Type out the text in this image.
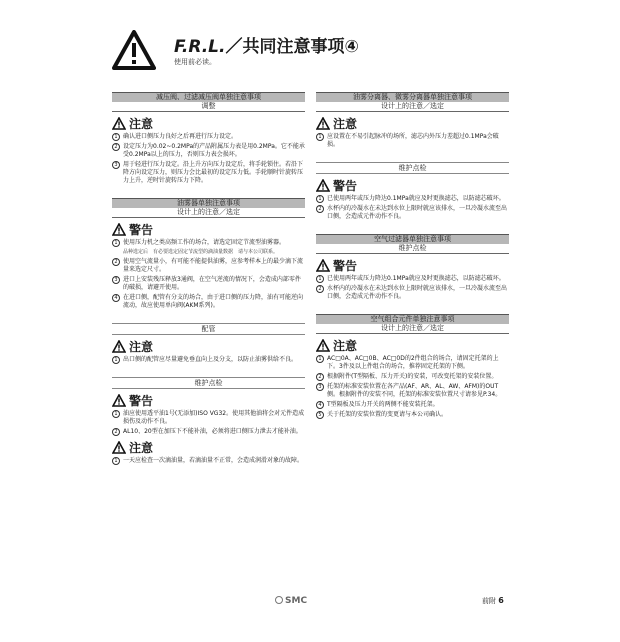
F.R.L.／共同注意事项④
使用前必读。
减压阀、过滤减压阀单独注意事项
调整
注意
1 确认进口侧压力良好之后再进行压力设定。
2 设定压力为0.02~0.2MPa的产品附属压力表是用0.2MPa。它不能承受0.2MPa以上的压力，否则压力表会损坏。
3 用于轻进行压力设定。沿上升方向压力设定后，将手轮锁住。若沿下降方向设定压力，则压力会比最初的设定压力低。手轮顺时针旋转压力上升，逆时针旋转压力下降。
油雾器单独注意事项
设计上的注意／选定
警告
1 使用压力机之类高频工作的场合，请选定固定节流型油雾器。
品种选定后　有必要选定固定节流型的滴油量数据　请与本公司联系。
2 使用空气流量小，有可能不能提供油雾，应参考样本上的最少滴下流量来选定尺寸。
3 进口上安装残压释放3通阀，在空气逆流的情况下，会造成内部零件的破损，请避开使用。
4 在进口侧，配管有分支的场合，由于进口侧的压力降，油有可能逆向流动，故应使用单向阀(AKM系列)。
配管
注意
1 出口侧的配管应尽量避免垂直向上及分支，以防止油雾供给不良。
维护点检
警告
1 油应使用透平油1号(无添加)ISO VG32。使用其他油将会对元件造成损伤及动作不良。
2 AL10、20型在加压下不能补油，必须将进口侧压力泄去才能补油。
注意
1 一天应检查一次滴油量，若滴油量不正常，会造成润滑对象的故障。
油雾分离器、微雾分离器单独注意事项
设计上的注意／选定
注意
1 应设置在不易引起脉冲的场所，滤芯内外压力差超过0.1MPa会破损。
维护点检
警告
1 已使用两年或压力降达0.1MPa就应及时更换滤芯，以防滤芯破坏。
2 水杯内的冷凝水在未达到水位上限时就应该排水，一旦冷凝水流至出口侧，会造成元件动作不良。
空气过滤器单独注意事项
维护点检
警告
1 已使用两年或压力降达0.1MPa就应及时更换滤芯，以防滤芯破坏。
2 水杯内的冷凝水在未达到水位上限时就应该排水，一旦冷凝水流至出口侧，会造成元件动作不良。
空气组合元件单独注意事项
设计上的注意／选定
注意
1 AC□0A、AC□0B、AC□0D的2件组合的场合，请固定托架的上下。3件及以上件组合的场合，推荐固定托架的下侧。
2 根据附件(T型隔板、压力开关)的安装，可改变托架的安装位置。
3 托架的标准安装位置在各产品(AF、AR、AL、AW、AFM)的OUT侧。根据附件的安装不同，托架的标准安装位置尺寸请参见P.34。
4 T型隔板及压力开关的两侧不能安装托架。
5 关于托架的安装位置的变更请与本公司确认。
SMC	前附 6
